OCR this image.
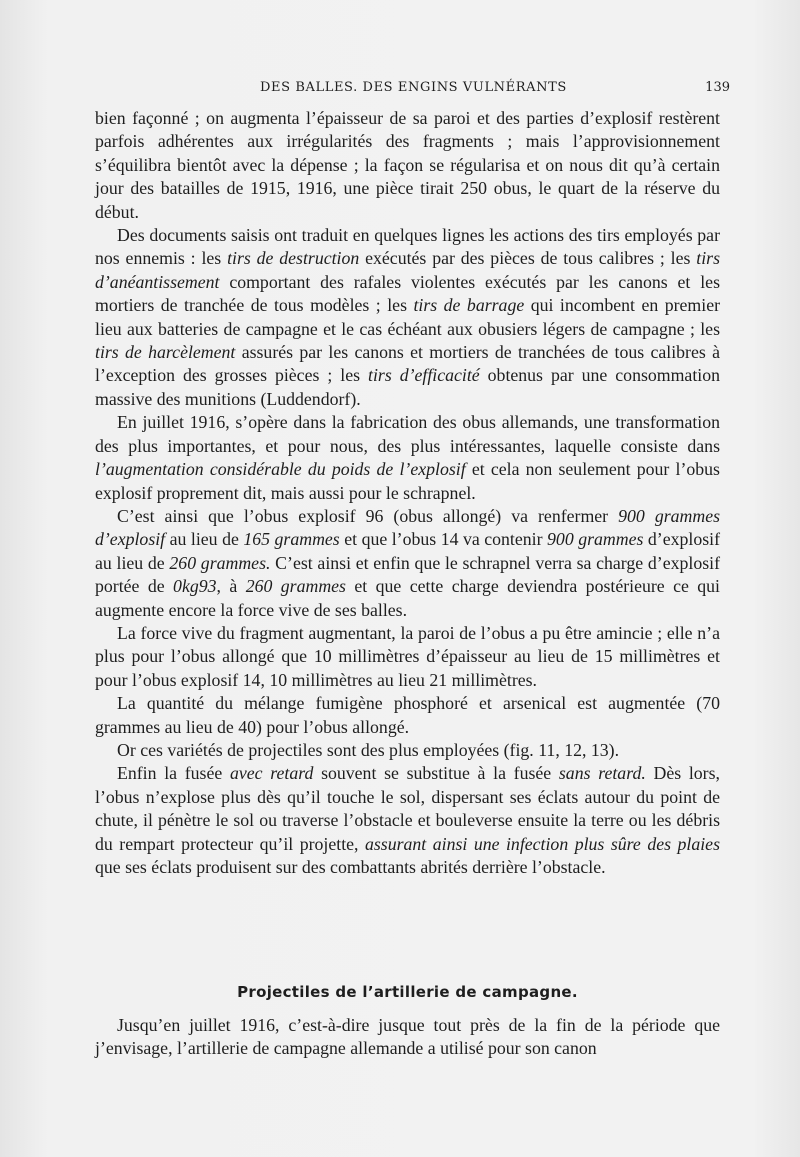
DES BALLES. DES ENGINS VULNÉRANTS	139

bien façonné ; on augmenta l’épaisseur de sa paroi et des parties d’explosif restèrent parfois adhérentes aux irrégularités des fragments ; mais l’approvisionnement s’équilibra bientôt avec la dépense ; la façon se régularisa et on nous dit qu’à certain jour des batailles de 1915, 1916, une pièce tirait 250 obus, le quart de la réserve du début.

Des documents saisis ont traduit en quelques lignes les actions des tirs employés par nos ennemis : les tirs de destruction exécutés par des pièces de tous calibres ; les tirs d’anéantissement comportant des rafales violentes exécutés par les canons et les mortiers de tranchée de tous modèles ; les tirs de barrage qui incombent en premier lieu aux batteries de campagne et le cas échéant aux obusiers légers de campagne ; les tirs de harcèlement assurés par les canons et mortiers de tranchées de tous calibres à l’exception des grosses pièces ; les tirs d’efficacité obtenus par une consommation massive des munitions (Luddendorf).

En juillet 1916, s’opère dans la fabrication des obus allemands, une transformation des plus importantes, et pour nous, des plus intéressantes, laquelle consiste dans l’augmentation considérable du poids de l’explosif et cela non seulement pour l’obus explosif proprement dit, mais aussi pour le schrapnel.

C’est ainsi que l’obus explosif 96 (obus allongé) va renfermer 900 grammes d’explosif au lieu de 165 grammes et que l’obus 14 va contenir 900 grammes d’explosif au lieu de 260 grammes. C’est ainsi et enfin que le schrapnel verra sa charge d’explosif portée de 0kg93, à 260 grammes et que cette charge deviendra postérieure ce qui augmente encore la force vive de ses balles.

La force vive du fragment augmentant, la paroi de l’obus a pu être amincie ; elle n’a plus pour l’obus allongé que 10 millimètres d’épaisseur au lieu de 15 millimètres et pour l’obus explosif 14, 10 millimètres au lieu 21 millimètres.

La quantité du mélange fumigène phosphoré et arsenical est augmentée (70 grammes au lieu de 40) pour l’obus allongé.

Or ces variétés de projectiles sont des plus employées (fig. 11, 12, 13).

Enfin la fusée avec retard souvent se substitue à la fusée sans retard. Dès lors, l’obus n’explose plus dès qu’il touche le sol, dispersant ses éclats autour du point de chute, il pénètre le sol ou traverse l’obstacle et bouleverse ensuite la terre ou les débris du rempart protecteur qu’il projette, assurant ainsi une infection plus sûre des plaies que ses éclats produisent sur des combattants abrités derrière l’obstacle.

Projectiles de l’artillerie de campagne.

Jusqu’en juillet 1916, c’est-à-dire jusque tout près de la fin de la période que j’envisage, l’artillerie de campagne allemande a utilisé pour son canon
